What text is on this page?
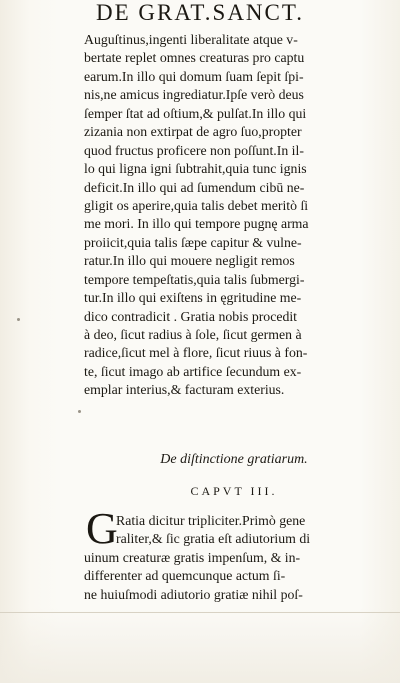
DE GRAT.SANCT.
Auguſtinus,ingenti liberalitate atque v-
bertate replet omnes creaturas pro captu
earum.In illo qui domum ſuam ſepit ſpi-
nis,ne amicus ingrediatur.Ipſe verò deus
ſemper ſtat ad oſtium,& pulſat.In illo qui
zizania non extirpat de agro ſuo,propter
quod fructus proficere non poſſunt.In il-
lo qui ligna igni ſubtrahit,quia tunc ignis
deficit.In illo qui ad ſumendum cibū ne-
gligit os aperire,quia talis debet meritò ſi
me mori. In illo qui tempore pugnę arma
proiicit,quia talis ſæpe capitur & vulne-
ratur.In illo qui mouere negligit remos
tempore tempeſtatis,quia talis ſubmergi-
tur.In illo qui exiſtens in ęgritudine me-
dico contradicit . Gratia nobis procedit
à deo, ſicut radius à ſole, ſicut germen à
radice,ſicut mel à flore, ſicut riuus à fon-
te, ſicut imago ab artifice ſecundum ex-
emplar interius,& facturam exterius.
De diſtinctione gratiarum.
CAPVT III.
G
Ratia dicitur tripliciter.Primò gene
raliter,& ſic gratia eſt adiutorium di
uinum creaturæ gratis impenſum, & in-
differenter ad quemcunque actum ſi-
ne huiuſmodi adiutorio gratiæ nihil poſ-
